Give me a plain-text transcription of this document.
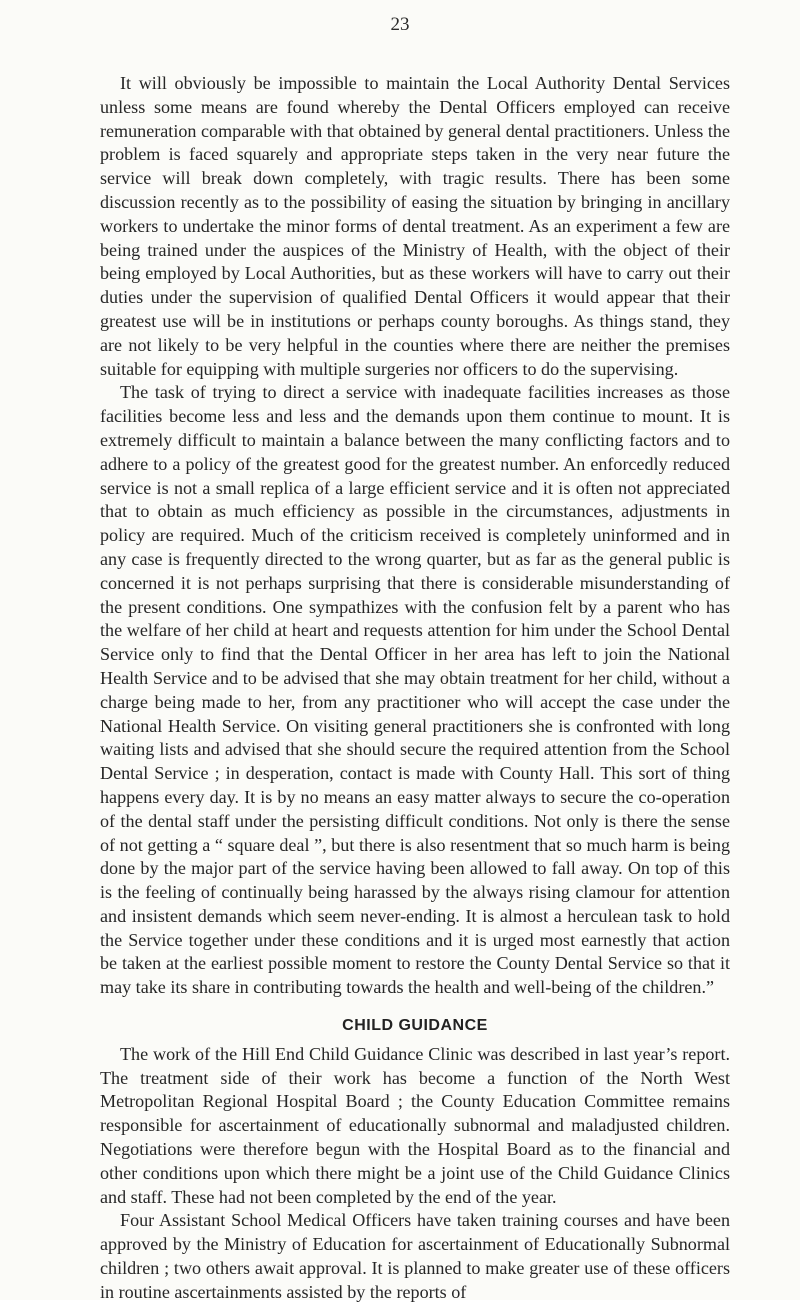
23

It will obviously be impossible to maintain the Local Authority Dental Services unless some means are found whereby the Dental Officers employed can receive remuneration comparable with that obtained by general dental practitioners. Unless the problem is faced squarely and appropriate steps taken in the very near future the service will break down completely, with tragic results. There has been some discussion recently as to the possibility of easing the situation by bringing in ancillary workers to undertake the minor forms of dental treatment. As an experiment a few are being trained under the auspices of the Ministry of Health, with the object of their being employed by Local Authorities, but as these workers will have to carry out their duties under the supervision of qualified Dental Officers it would appear that their greatest use will be in institutions or perhaps county boroughs. As things stand, they are not likely to be very helpful in the counties where there are neither the premises suitable for equipping with multiple surgeries nor officers to do the supervising.

The task of trying to direct a service with inadequate facilities increases as those facilities become less and less and the demands upon them continue to mount. It is extremely difficult to maintain a balance between the many conflicting factors and to adhere to a policy of the greatest good for the greatest number. An enforcedly reduced service is not a small replica of a large efficient service and it is often not appreciated that to obtain as much efficiency as possible in the circumstances, adjustments in policy are required. Much of the criticism received is completely uninformed and in any case is frequently directed to the wrong quarter, but as far as the general public is concerned it is not perhaps surprising that there is considerable misunderstanding of the present conditions. One sympathizes with the confusion felt by a parent who has the welfare of her child at heart and requests attention for him under the School Dental Service only to find that the Dental Officer in her area has left to join the National Health Service and to be advised that she may obtain treatment for her child, without a charge being made to her, from any practitioner who will accept the case under the National Health Service. On visiting general practitioners she is confronted with long waiting lists and advised that she should secure the required attention from the School Dental Service ; in desperation, contact is made with County Hall. This sort of thing happens every day. It is by no means an easy matter always to secure the co-operation of the dental staff under the persisting difficult conditions. Not only is there the sense of not getting a “ square deal ”, but there is also resentment that so much harm is being done by the major part of the service having been allowed to fall away. On top of this is the feeling of continually being harassed by the always rising clamour for attention and insistent demands which seem never-ending. It is almost a herculean task to hold the Service together under these conditions and it is urged most earnestly that action be taken at the earliest possible moment to restore the County Dental Service so that it may take its share in contributing towards the health and well-being of the children.”

CHILD GUIDANCE

The work of the Hill End Child Guidance Clinic was described in last year’s report. The treatment side of their work has become a function of the North West Metropolitan Regional Hospital Board ; the County Education Committee remains responsible for ascertainment of educationally subnormal and maladjusted children. Negotiations were therefore begun with the Hospital Board as to the financial and other conditions upon which there might be a joint use of the Child Guidance Clinics and staff. These had not been completed by the end of the year.

Four Assistant School Medical Officers have taken training courses and have been approved by the Ministry of Education for ascertainment of Educationally Subnormal children ; two others await approval. It is planned to make greater use of these officers in routine ascertainments assisted by the reports of
